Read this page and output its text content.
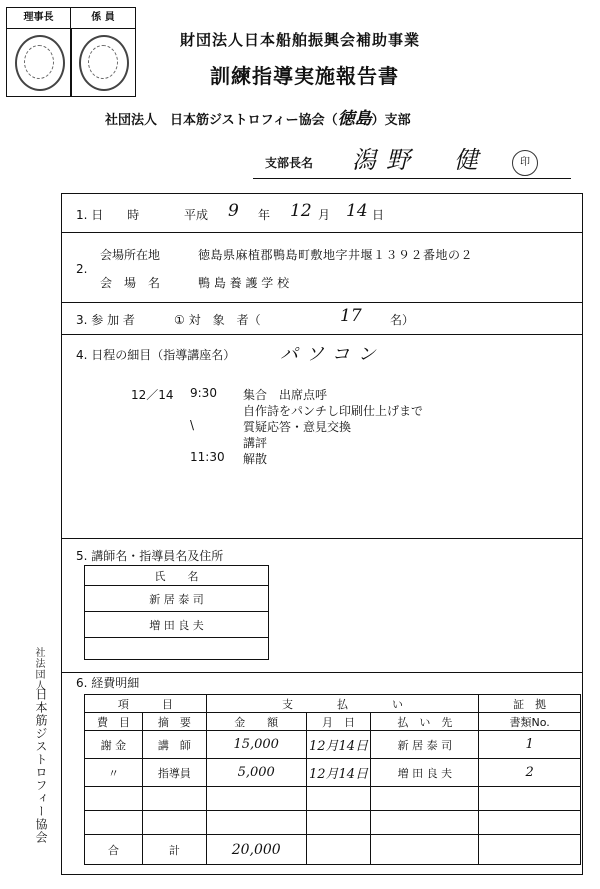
理事長	係 員
財団法人日本船舶振興会補助事業
訓練指導実施報告書
社団法人　日本筋ジストロフィー協会（徳島）支部
支部長名 潟野　健	印
1. 日　　時	平成 9 年 12 月 14 日
2.
会場所在地	徳島県麻植郡鴨島町敷地字井堰１３９２番地の２
会　場　名	鴨 島 養 護 学 校
3. 参 加 者	① 対　象　者（	17 名）
4. 日程の細目（指導講座名） パソコン
12／14 9:30 集合　出席点呼
自作詩をパンチし印刷仕上げまで
\	質疑応答・意見交換
講評
11:30 解散
5. 講師名・指導員名及住所
氏　　名
新 居 泰 司
増 田 良 夫

6. 経費明細
項　　　目		支　　　　払　　　　い			証　拠
費　目	摘　要	金　　額	月　日	払　い　先	書類No.
謝 金	講　師	15,000	12月14日	新 居 泰 司	1
〃	指導員	5,000	12月14日	増 田 良 夫	2

合	計	20,000			
社法団人
日本筋ジストロフィー協会
